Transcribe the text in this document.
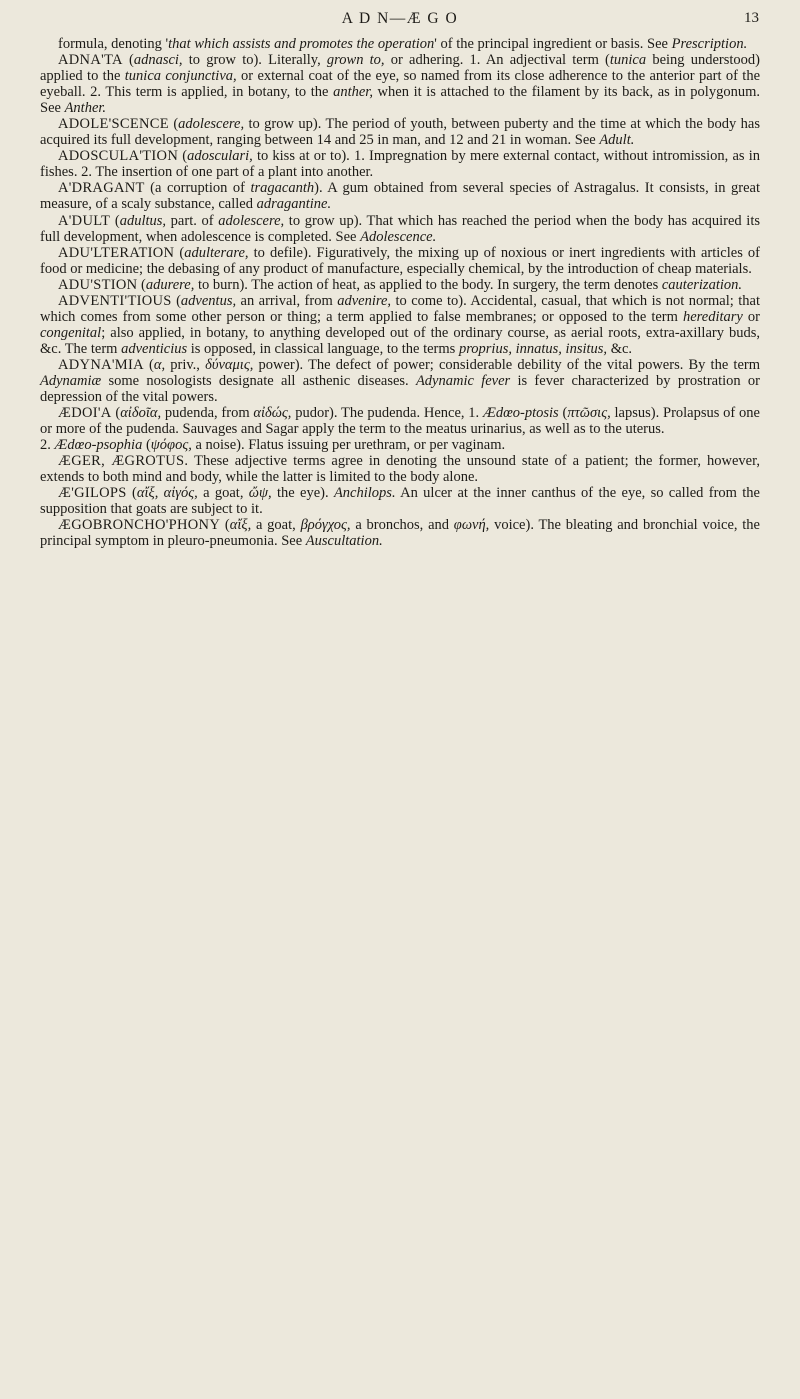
A D N—Æ G O	13

formula, denoting 'that which assists and promotes the operation' of the principal ingredient or basis. See Prescription.

ADNA'TA (adnasci, to grow to). Literally, grown to, or adhering. 1. An adjectival term (tunica being understood) applied to the tunica conjunctiva, or external coat of the eye, so named from its close adherence to the anterior part of the eyeball. 2. This term is applied, in botany, to the anther, when it is attached to the filament by its back, as in polygonum. See Anther.

ADOLE'SCENCE (adolescere, to grow up). The period of youth, between puberty and the time at which the body has acquired its full development, ranging between 14 and 25 in man, and 12 and 21 in woman. See Adult.

ADOSCULA'TION (adosculari, to kiss at or to). 1. Impregnation by mere external contact, without intromission, as in fishes. 2. The insertion of one part of a plant into another.

A'DRAGANT (a corruption of tragacanth). A gum obtained from several species of Astragalus. It consists, in great measure, of a scaly substance, called adragantine.

A'DULT (adultus, part. of adolescere, to grow up). That which has reached the period when the body has acquired its full development, when adolescence is completed. See Adolescence.

ADU'LTERATION (adulterare, to defile). Figuratively, the mixing up of noxious or inert ingredients with articles of food or medicine; the debasing of any product of manufacture, especially chemical, by the introduction of cheap materials.

ADU'STION (adurere, to burn). The action of heat, as applied to the body. In surgery, the term denotes cauterization.

ADVENTI'TIOUS (adventus, an arrival, from advenire, to come to). Accidental, casual, that which is not normal; that which comes from some other person or thing; a term applied to false membranes; or opposed to the term hereditary or congenital; also applied, in botany, to anything developed out of the ordinary course, as aerial roots, extra-axillary buds, &c. The term adventicius is opposed, in classical language, to the terms proprius, innatus, insitus, &c.

ADYNA'MIA (α, priv., δύναμις, power). The defect of power; considerable debility of the vital powers. By the term Adynamiæ some nosologists designate all asthenic diseases. Adynamic fever is fever characterized by prostration or depression of the vital powers.

ÆDOI'A (αἰδοῖα, pudenda, from αἰδώς, pudor). The pudenda. Hence, 1. Ædœo-ptosis (πτῶσις, lapsus). Prolapsus of one or more of the pudenda. Sauvages and Sagar apply the term to the meatus urinarius, as well as to the uterus.

2. Ædœo-psophia (ψόφος, a noise). Flatus issuing per urethram, or per vaginam.

ÆGER, ÆGROTUS. These adjective terms agree in denoting the unsound state of a patient; the former, however, extends to both mind and body, while the latter is limited to the body alone.

Æ'GILOPS (αἴξ, αἰγός, a goat, ὤψ, the eye). Anchilops. An ulcer at the inner canthus of the eye, so called from the supposition that goats are subject to it.

ÆGOBRONCHO'PHONY (αἴξ, a goat, βρόγχος, a bronchos, and φωνή, voice). The bleating and bronchial voice, the principal symptom in pleuro-pneumonia. See Auscultation.
